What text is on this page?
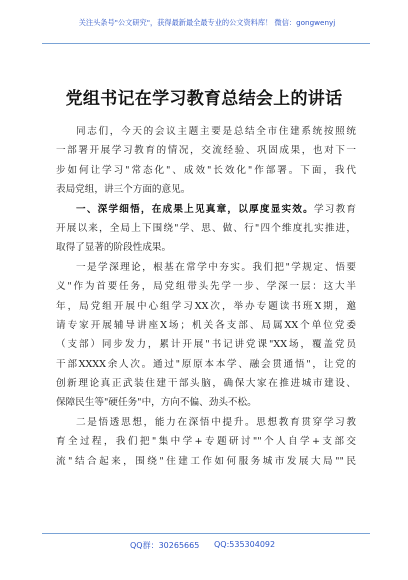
关注头条号"公文研究"，获得最新最全最专业的公文资料库！ 微信：gongwenyj
党组书记在学习教育总结会上的讲话
同志们，今天的会议主题主要是总结全市住建系统按照统
一部署开展学习教育的情况，交流经验、巩固成果，也对下一
步如何让学习"常态化"、成效"长效化"作部署。下面，我代
表局党组，讲三个方面的意见。
一、深学细悟，在成果上见真章，以厚度显实效。学习教育
开展以来，全局上下围绕"学、思、做、行"四个维度扎实推进，
取得了显著的阶段性成果。
一是学深理论，根基在常学中夯实。我们把"学规定、悟要
义"作为首要任务，局党组带头先学一步、学深一层：这大半
年，局党组开展中心组学习XX次，举办专题读书班X期，邀
请专家开展辅导讲座X场；机关各支部、局属XX个单位党委
（支部）同步发力，累计开展"书记讲党课"XX场，覆盖党员
干部XXXX余人次。通过"原原本本学、融会贯通悟"，让党的
创新理论真正武装住建干部头脑，确保大家在推进城市建设、
保障民生等"硬任务"中，方向不偏、劲头不松。
二是悟透思想，能力在深悟中提升。思想教育贯穿学习教
育全过程，我们把"集中学+专题研讨""个人自学+支部交
流"结合起来，围绕"住建工作如何服务城市发展大局""民
QQ群：30265665 QQ:535304092
